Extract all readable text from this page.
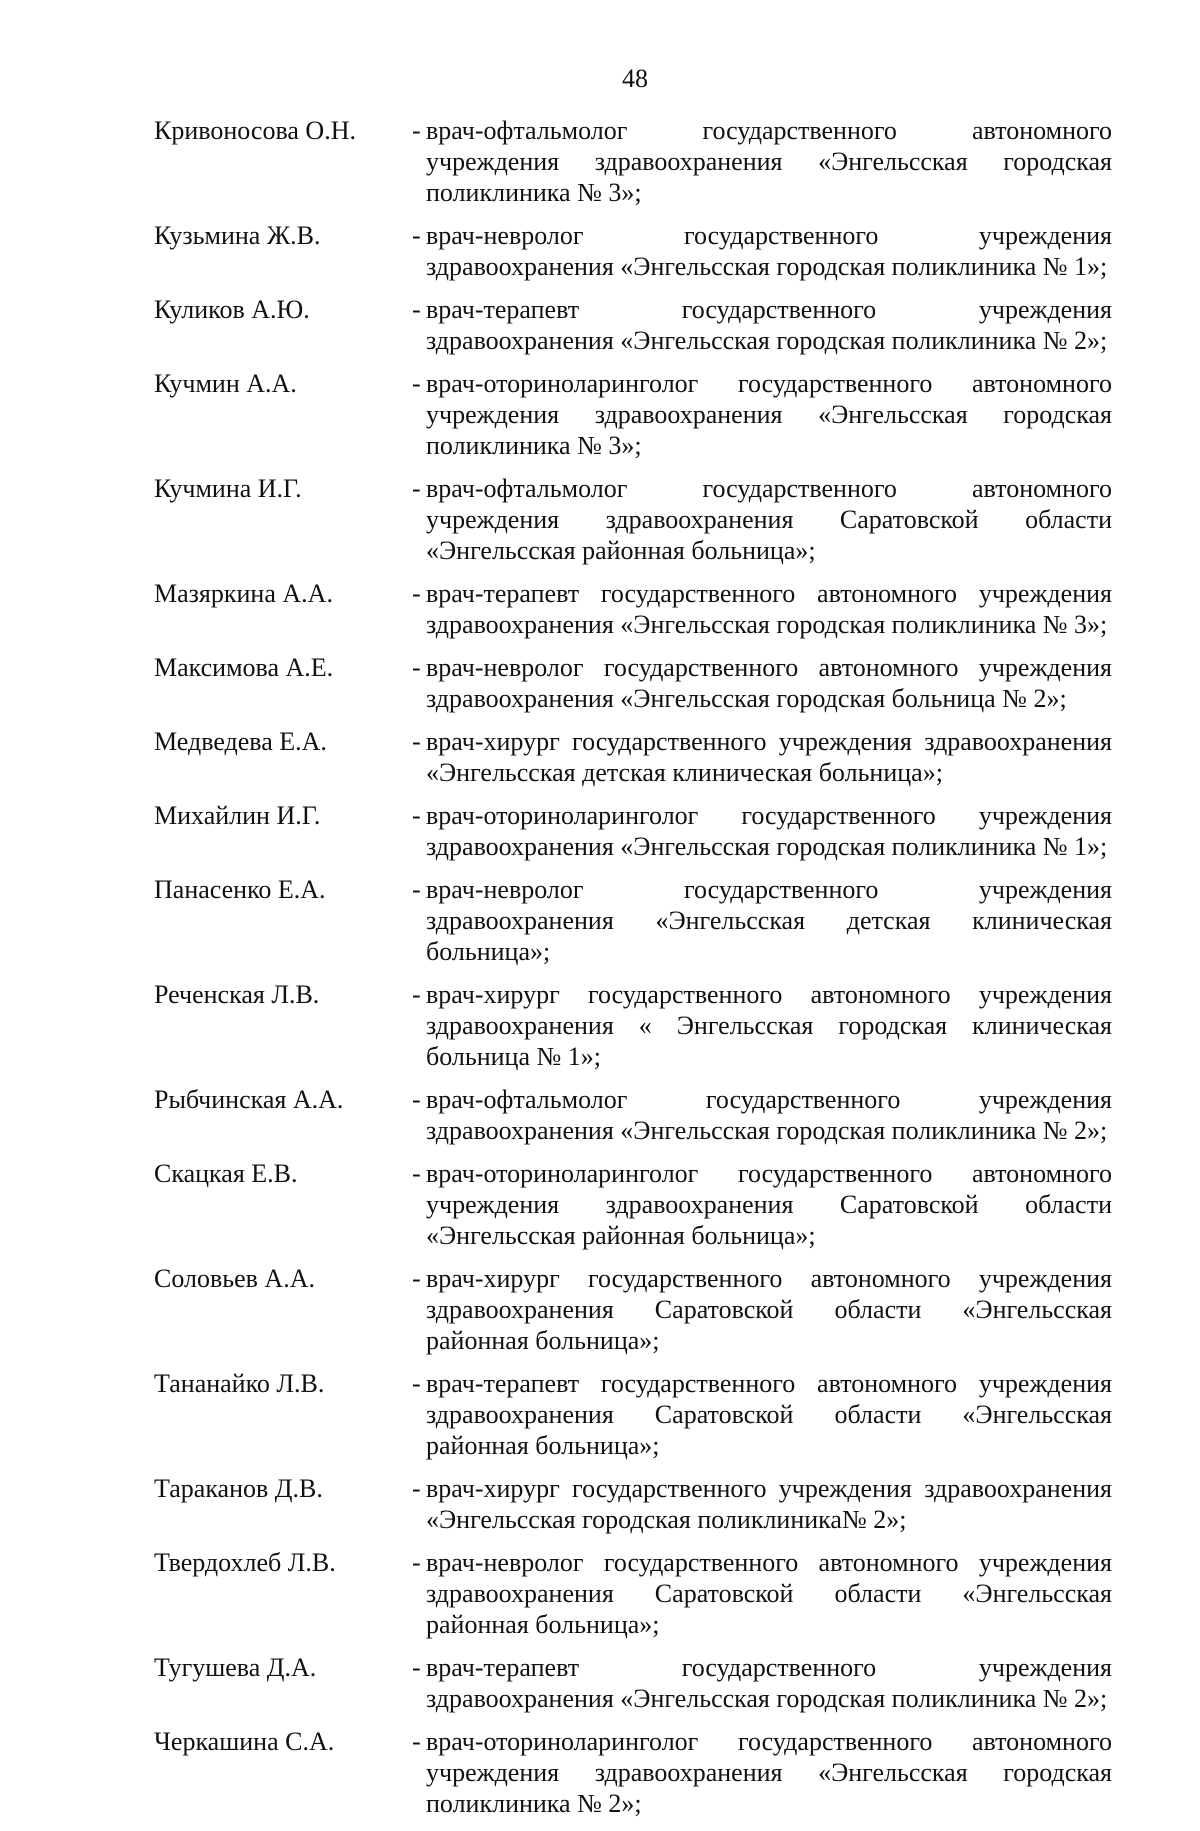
48
Кривоносова О.Н.	- врач-офтальмолог государственного автономного учреждения здравоохранения «Энгельсская городская поликлиника № 3»;
Кузьмина Ж.В.	- врач-невролог государственного учреждения здравоохранения «Энгельсская городская поликлиника № 1»;
Куликов А.Ю.	- врач-терапевт государственного учреждения здравоохранения «Энгельсская городская поликлиника № 2»;
Кучмин А.А.	- врач-оториноларинголог государственного автономного учреждения здравоохранения «Энгельсская городская поликлиника № 3»;
Кучмина И.Г.	- врач-офтальмолог государственного автономного учреждения здравоохранения Саратовской области «Энгельсская районная больница»;
Мазяркина А.А.	- врач-терапевт государственного автономного учреждения здравоохранения «Энгельсская городская поликлиника № 3»;
Максимова А.Е.	- врач-невролог государственного автономного учреждения здравоохранения «Энгельсская городская больница № 2»;
Медведева Е.А.	- врач-хирург государственного учреждения здравоохранения «Энгельсская детская клиническая больница»;
Михайлин И.Г.	- врач-оториноларинголог государственного учреждения здравоохранения «Энгельсская городская поликлиника № 1»;
Панасенко Е.А.	- врач-невролог государственного учреждения здравоохранения «Энгельсская детская клиническая больница»;
Реченская Л.В.	- врач-хирург государственного автономного учреждения здравоохранения « Энгельсская городская клиническая больница № 1»;
Рыбчинская А.А.	- врач-офтальмолог государственного учреждения здравоохранения «Энгельсская городская поликлиника № 2»;
Скацкая Е.В.	- врач-оториноларинголог государственного автономного учреждения здравоохранения Саратовской области «Энгельсская районная больница»;
Соловьев А.А.	- врач-хирург государственного автономного учреждения здравоохранения Саратовской области «Энгельсская районная больница»;
Тананайко Л.В.	- врач-терапевт государственного автономного учреждения здравоохранения Саратовской области «Энгельсская районная больница»;
Тараканов Д.В.	- врач-хирург государственного учреждения здравоохранения «Энгельсская городская поликлиника№ 2»;
Твердохлеб Л.В.	- врач-невролог государственного автономного учреждения здравоохранения Саратовской области «Энгельсская районная больница»;
Тугушева Д.А.	- врач-терапевт государственного учреждения здравоохранения «Энгельсская городская поликлиника № 2»;
Черкашина С.А.	- врач-оториноларинголог государственного автономного учреждения здравоохранения «Энгельсская городская поликлиника № 2»;
